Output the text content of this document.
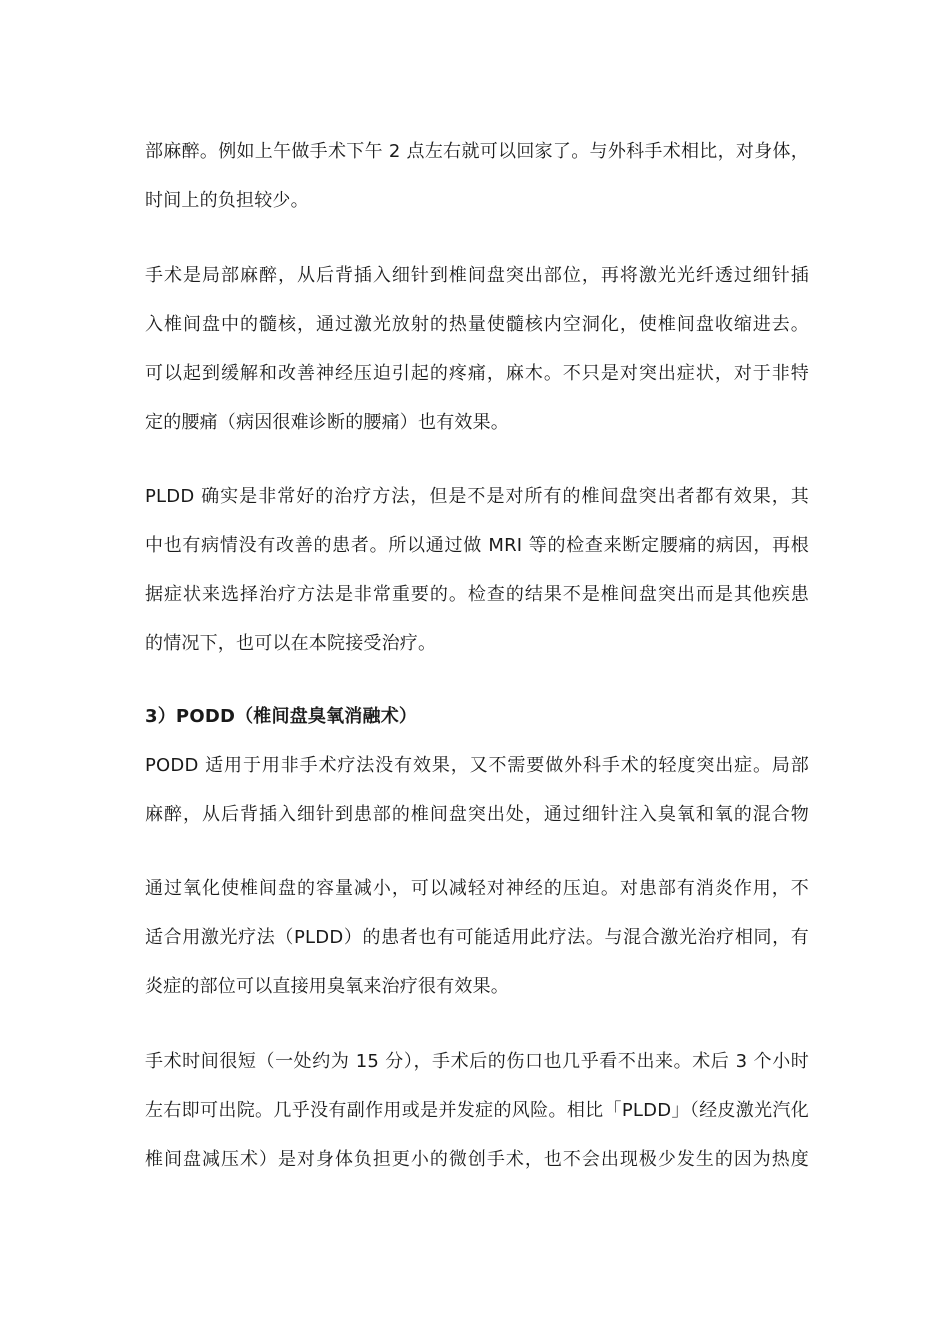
部麻醉。例如上午做手术下午 2 点左右就可以回家了。与外科手术相比，对身体，
时间上的负担较少。
手术是局部麻醉，从后背插入细针到椎间盘突出部位，再将激光光纤透过细针插
入椎间盘中的髓核，通过激光放射的热量使髓核内空洞化，使椎间盘收缩进去。
可以起到缓解和改善神经压迫引起的疼痛，麻木。不只是对突出症状，对于非特
定的腰痛（病因很难诊断的腰痛）也有效果。
PLDD 确实是非常好的治疗方法，但是不是对所有的椎间盘突出者都有效果，其
中也有病情没有改善的患者。所以通过做 MRI 等的检查来断定腰痛的病因，再根
据症状来选择治疗方法是非常重要的。检查的结果不是椎间盘突出而是其他疾患
的情况下，也可以在本院接受治疗。
3）PODD（椎间盘臭氧消融术）
PODD 适用于用非手术疗法没有效果，又不需要做外科手术的轻度突出症。局部
麻醉，从后背插入细针到患部的椎间盘突出处，通过细针注入臭氧和氧的混合物
通过氧化使椎间盘的容量减小，可以减轻对神经的压迫。对患部有消炎作用，不
适合用激光疗法（PLDD）的患者也有可能适用此疗法。与混合激光治疗相同，有
炎症的部位可以直接用臭氧来治疗很有效果。
手术时间很短（一处约为 15 分），手术后的伤口也几乎看不出来。术后 3 个小时
左右即可出院。几乎没有副作用或是并发症的风险。相比「PLDD」（经皮激光汽化
椎间盘减压术）是对身体负担更小的微创手术，也不会出现极少发生的因为热度
